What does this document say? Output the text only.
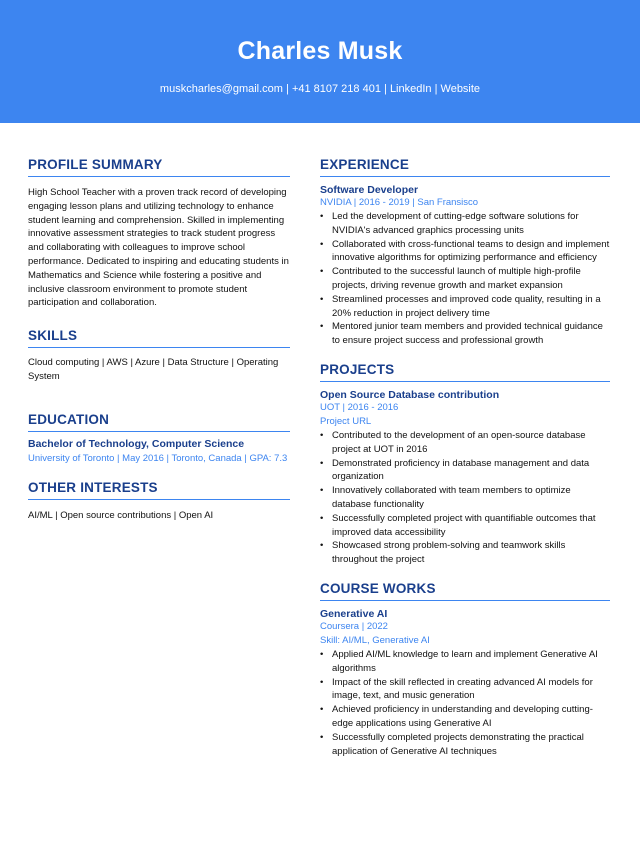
Charles Musk
muskcharles@gmail.com | +41 8107 218 401 | LinkedIn | Website
PROFILE SUMMARY
High School Teacher with a proven track record of developing engaging lesson plans and utilizing technology to enhance student learning and comprehension. Skilled in implementing innovative assessment strategies to track student progress and collaborating with colleagues to improve school performance. Dedicated to inspiring and educating students in Mathematics and Science while fostering a positive and inclusive classroom environment to promote student participation and collaboration.
SKILLS
Cloud computing | AWS | Azure | Data Structure | Operating System
EDUCATION
Bachelor of Technology, Computer Science
University of Toronto | May 2016 | Toronto, Canada | GPA: 7.3
OTHER INTERESTS
AI/ML | Open source contributions | Open AI
EXPERIENCE
Software Developer
NVIDIA | 2016 - 2019 | San Fransisco
• Led the development of cutting-edge software solutions for NVIDIA's advanced graphics processing units
• Collaborated with cross-functional teams to design and implement innovative algorithms for optimizing performance and efficiency
• Contributed to the successful launch of multiple high-profile projects, driving revenue growth and market expansion
• Streamlined processes and improved code quality, resulting in a 20% reduction in project delivery time
• Mentored junior team members and provided technical guidance to ensure project success and professional growth
PROJECTS
Open Source Database contribution
UOT | 2016 - 2016
Project URL
• Contributed to the development of an open-source database project at UOT in 2016
• Demonstrated proficiency in database management and data organization
• Innovatively collaborated with team members to optimize database functionality
• Successfully completed project with quantifiable outcomes that improved data accessibility
• Showcased strong problem-solving and teamwork skills throughout the project
COURSE WORKS
Generative AI
Coursera | 2022
Skill: AI/ML, Generative AI
• Applied AI/ML knowledge to learn and implement Generative AI algorithms
• Impact of the skill reflected in creating advanced AI models for image, text, and music generation
• Achieved proficiency in understanding and developing cutting-edge applications using Generative AI
• Successfully completed projects demonstrating the practical application of Generative AI techniques
